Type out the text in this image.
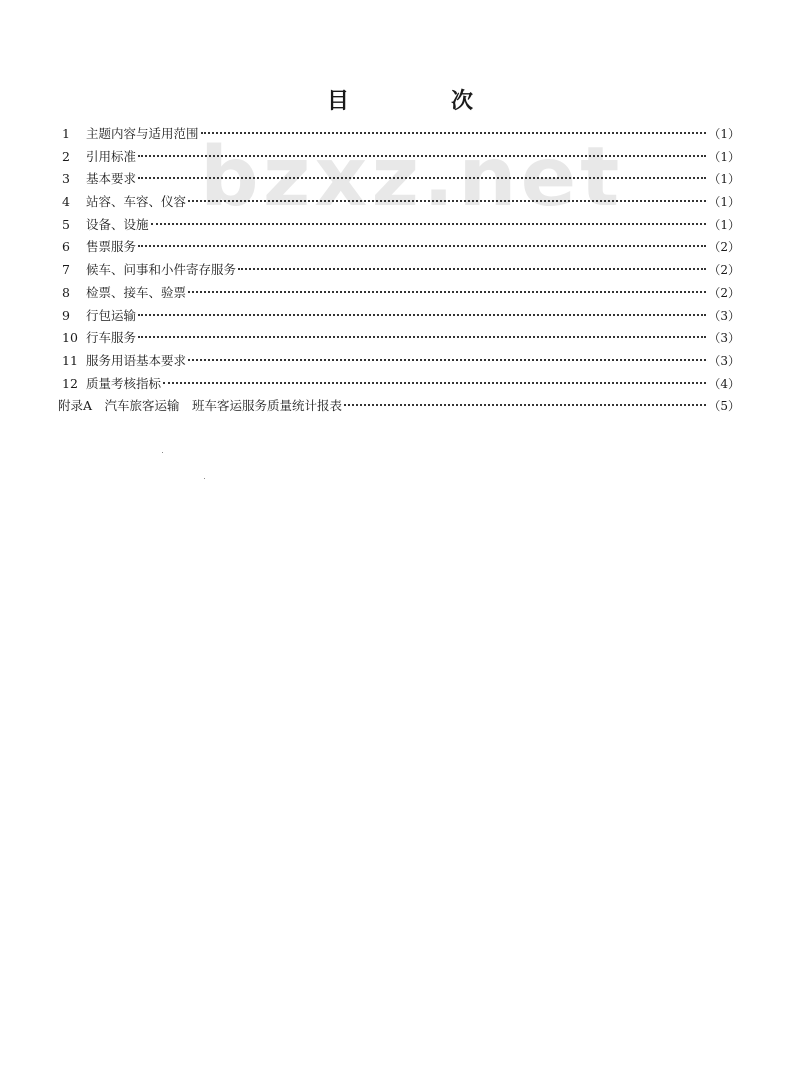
bzxz.net
目　次
1	主题内容与适用范围	（1）
2	引用标准	（1）
3	基本要求	（1）
4	站容、车容、仪容	（1）
5	设备、设施	（1）
6	售票服务	（2）
7	候车、问事和小件寄存服务	（2）
8	检票、接车、验票	（2）
9	行包运输	（3）
10 行车服务	（3）
11 服务用语基本要求	（3）
12 质量考核指标	（4）
附录A　汽车旅客运输　班车客运服务质量统计报表	（5）
